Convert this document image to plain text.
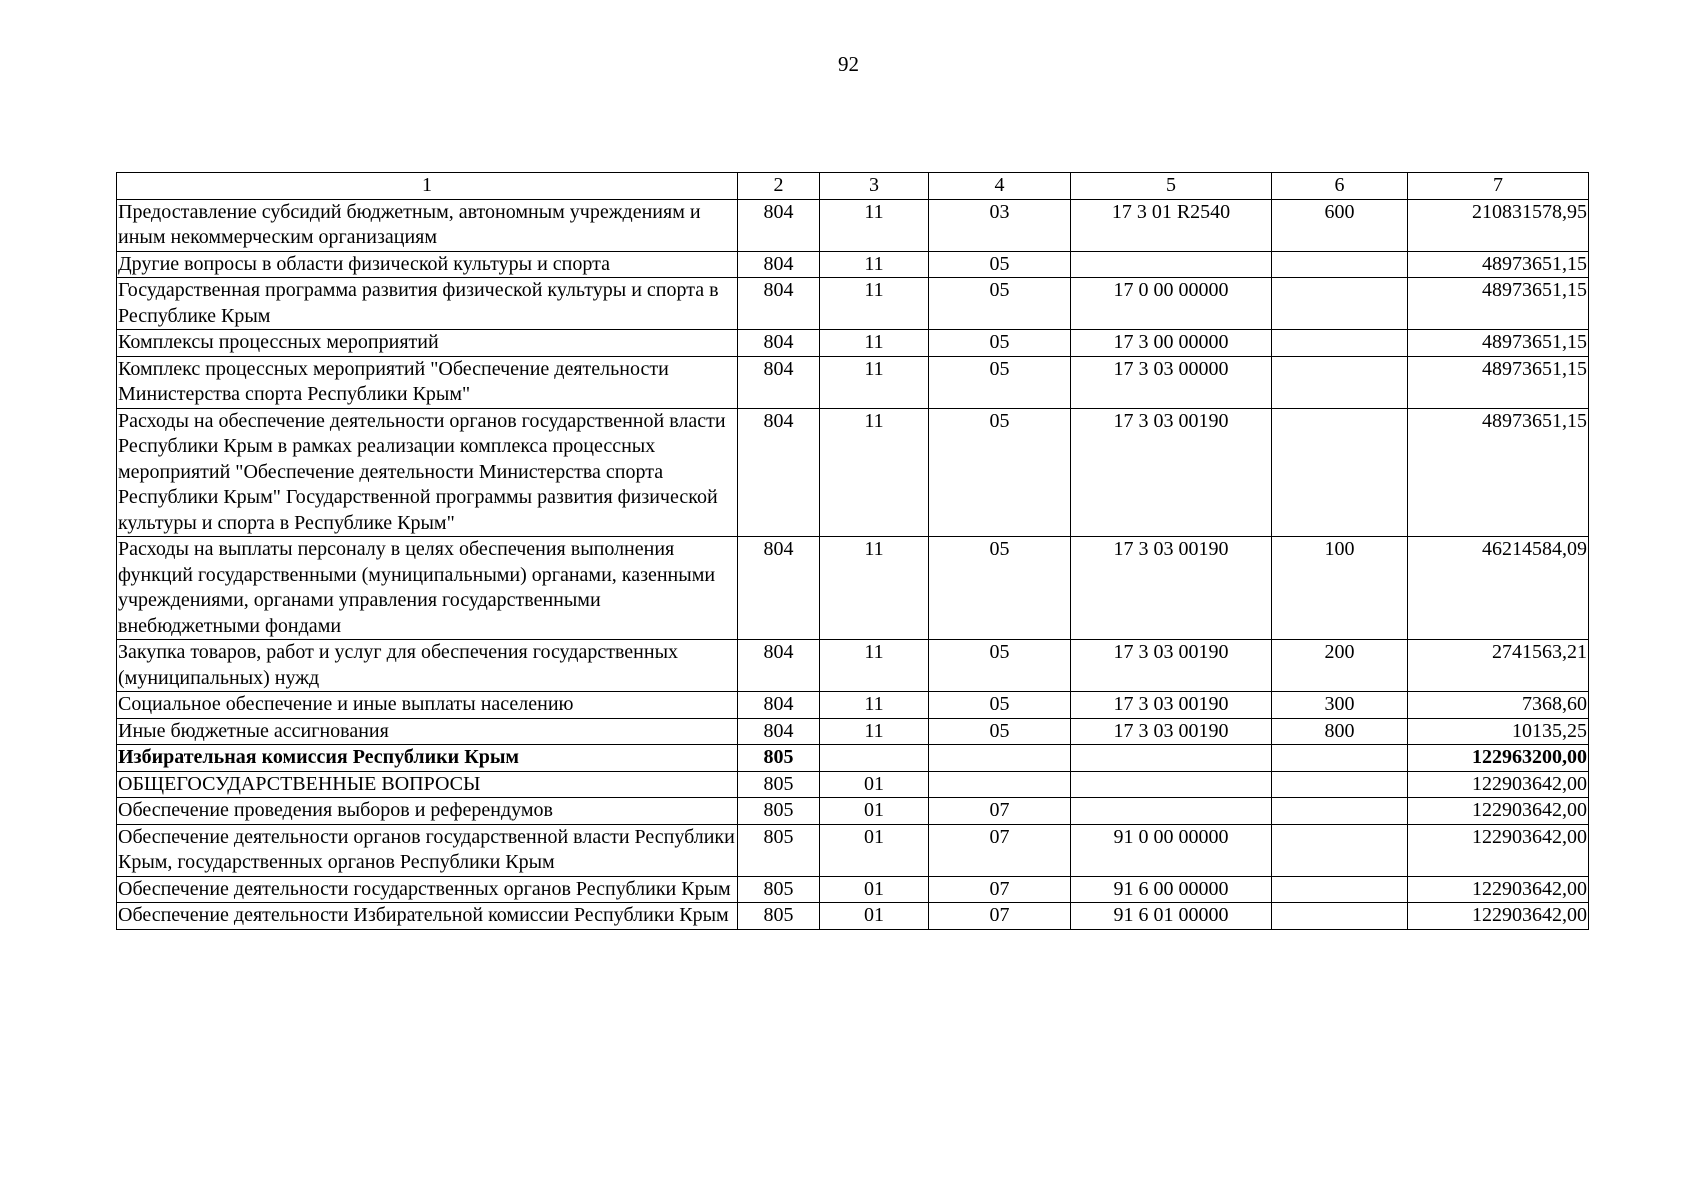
92
1	2	3	4	5	6	7
Предоставление субсидий бюджетным, автономным учреждениям и иным некоммерческим организациям	804	11	03	17 3 01 R2540	600	210831578,95
Другие вопросы в области физической культуры и спорта	804	11	05			48973651,15
Государственная программа развития физической культуры и спорта в Республике Крым	804	11	05	17 0 00 00000		48973651,15
Комплексы процессных мероприятий	804	11	05	17 3 00 00000		48973651,15
Комплекс процессных мероприятий "Обеспечение деятельности Министерства спорта Республики Крым"	804	11	05	17 3 03 00000		48973651,15
Расходы на обеспечение деятельности органов государственной власти Республики Крым в рамках реализации комплекса процессных мероприятий "Обеспечение деятельности Министерства спорта Республики Крым" Государственной программы развития физической культуры и спорта в Республике Крым"	804	11	05	17 3 03 00190		48973651,15
Расходы на выплаты персоналу в целях обеспечения выполнения функций государственными (муниципальными) органами, казенными учреждениями, органами управления государственными внебюджетными фондами	804	11	05	17 3 03 00190	100	46214584,09
Закупка товаров, работ и услуг для обеспечения государственных (муниципальных) нужд	804	11	05	17 3 03 00190	200	2741563,21
Социальное обеспечение и иные выплаты населению	804	11	05	17 3 03 00190	300	7368,60
Иные бюджетные ассигнования	804	11	05	17 3 03 00190	800	10135,25
Избирательная комиссия Республики Крым	805					122963200,00
ОБЩЕГОСУДАРСТВЕННЫЕ ВОПРОСЫ	805	01				122903642,00
Обеспечение проведения выборов и референдумов	805	01	07			122903642,00
Обеспечение деятельности органов государственной власти Республики Крым, государственных органов Республики Крым	805	01	07	91 0 00 00000		122903642,00
Обеспечение деятельности государственных органов Республики Крым	805	01	07	91 6 00 00000		122903642,00
Обеспечение деятельности Избирательной комиссии Республики Крым	805	01	07	91 6 01 00000		122903642,00
